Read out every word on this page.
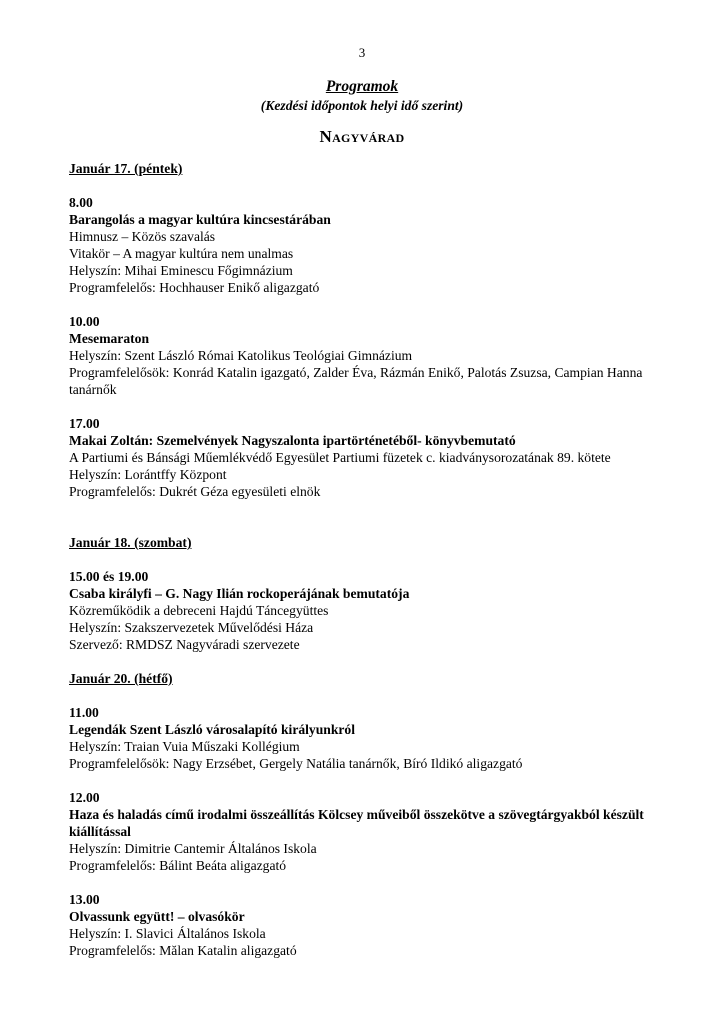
3
Programok
(Kezdési időpontok helyi idő szerint)
Nagyvárad

Január 17. (péntek)

8.00
Barangolás a magyar kultúra kincsestárában
Himnusz – Közös szavalás
Vitakör – A magyar kultúra nem unalmas
Helyszín: Mihai Eminescu Főgimnázium
Programfelelős: Hochhauser Enikő aligazgató
10.00
Mesemaraton
Helyszín: Szent László Római Katolikus Teológiai Gimnázium
Programfelelősök: Konrád Katalin igazgató, Zalder Éva, Rázmán Enikő, Palotás Zsuzsa, Campian Hanna tanárnők
17.00
Makai Zoltán: Szemelvények Nagyszalonta ipartörténetéből- könyvbemutató
A Partiumi és Bánsági Műemlékvédő Egyesület Partiumi füzetek c. kiadványsorozatának 89. kötete
Helyszín: Lorántffy Központ
Programfelelős: Dukrét Géza egyesületi elnök

Január 18. (szombat)

15.00 és 19.00
Csaba királyfi – G. Nagy Ilián rockoperájának bemutatója
Közreműködik a debreceni Hajdú Táncegyüttes
Helyszín: Szakszervezetek Művelődési Háza
Szervező: RMDSZ Nagyváradi szervezete

Január 20. (hétfő)

11.00
Legendák Szent László városalapító királyunkról
Helyszín: Traian Vuia Műszaki Kollégium
Programfelelősök: Nagy Erzsébet, Gergely Natália tanárnők, Bíró Ildikó aligazgató
12.00
Haza és haladás című irodalmi összeállítás Kölcsey műveiből összekötve a szövegtárgyakból készült kiállítással
Helyszín: Dimitrie Cantemir Általános Iskola
Programfelelős: Bálint Beáta aligazgató
13.00
Olvassunk együtt! – olvasókör
Helyszín: I. Slavici Általános Iskola
Programfelelős: Mălan Katalin aligazgató
